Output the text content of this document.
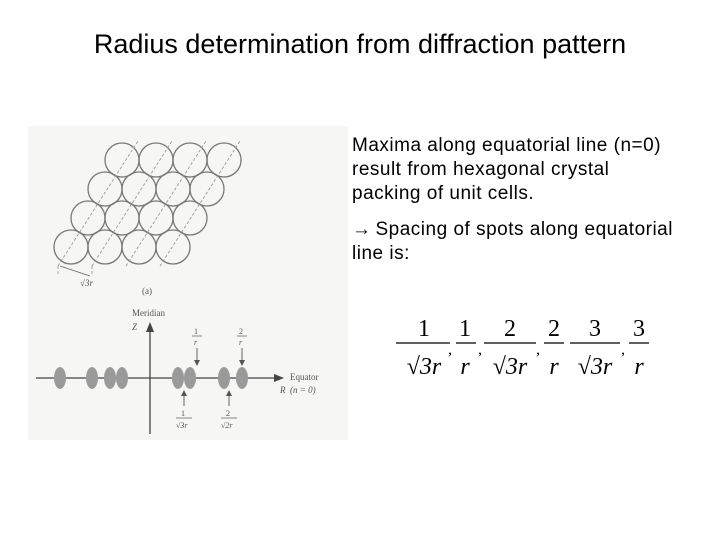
Radius determination from diffraction pattern
√3r
(a)
Meridian
Z
Equator
R (n = 0)
1
r
2
r
1
√3r
2
√2r

Maxima along equatorial line (n=0) result from hexagonal crystal packing of unit cells.

→ Spacing of spots along equatorial line is:

1
√3r
,
1
r
,
2
√3r
,
2
r
3
√3r
,
3
r
